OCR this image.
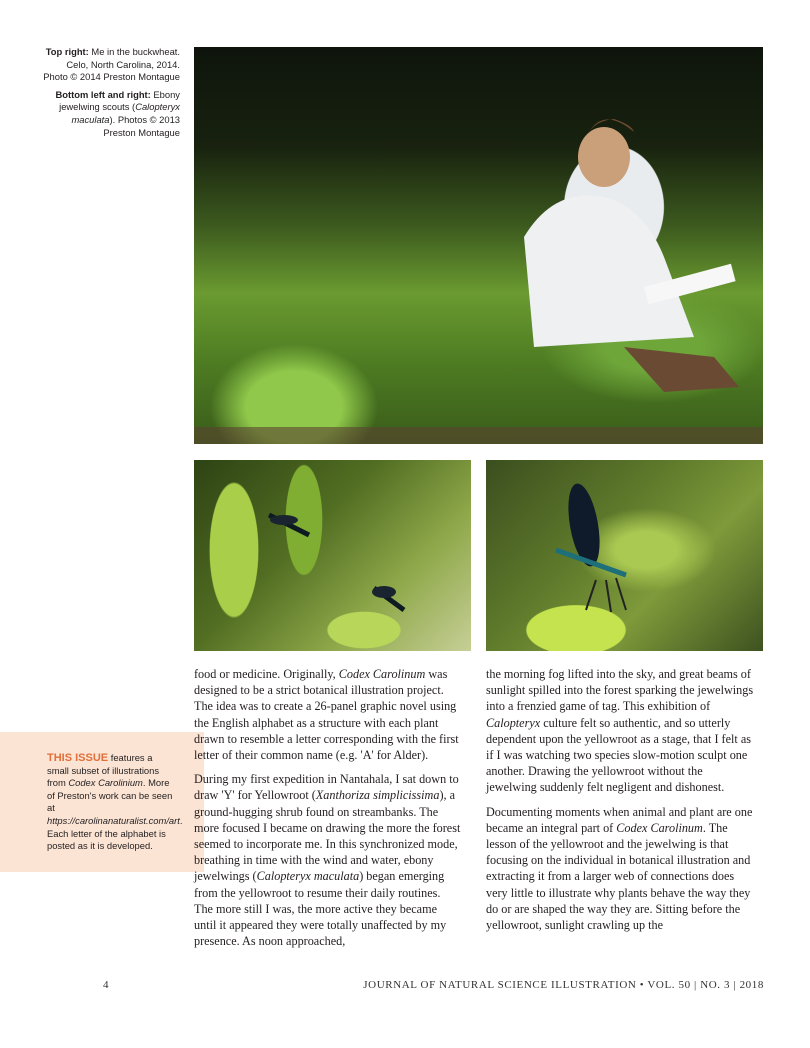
Top right: Me in the buckwheat. Celo, North Carolina, 2014. Photo © 2014 Preston Montague

Bottom left and right: Ebony jewelwing scouts (Calopteryx maculata). Photos © 2013 Preston Montague

THIS ISSUE features a small subset of illustrations from Codex Carolinium. More of Preston's work can be seen at https://carolinanaturalist.com/art. Each letter of the alphabet is posted as it is developed.

food or medicine. Originally, Codex Carolinum was designed to be a strict botanical illustration project. The idea was to create a 26-panel graphic novel using the English alphabet as a structure with each plant drawn to resemble a letter corresponding with the first letter of their common name (e.g. 'A' for Alder).

During my first expedition in Nantahala, I sat down to draw 'Y' for Yellowroot (Xanthoriza simplicissima), a ground-hugging shrub found on streambanks. The more focused I became on drawing the more the forest seemed to incorporate me. In this synchronized mode, breathing in time with the wind and water, ebony jewelwings (Calopteryx maculata) began emerging from the yellowroot to resume their daily routines. The more still I was, the more active they became until it appeared they were totally unaffected by my presence. As noon approached,

the morning fog lifted into the sky, and great beams of sunlight spilled into the forest sparking the jewelwings into a frenzied game of tag. This exhibition of Calopteryx culture felt so authentic, and so utterly dependent upon the yellowroot as a stage, that I felt as if I was watching two species slow-motion sculpt one another. Drawing the yellowroot without the jewelwing suddenly felt negligent and dishonest.

Documenting moments when animal and plant are one became an integral part of Codex Carolinum. The lesson of the yellowroot and the jewelwing is that focusing on the individual in botanical illustration and extracting it from a larger web of connections does very little to illustrate why plants behave the way they do or are shaped the way they are. Sitting before the yellowroot, sunlight crawling up the

4	JOURNAL OF NATURAL SCIENCE ILLUSTRATION • VOL. 50 | NO. 3 | 2018
